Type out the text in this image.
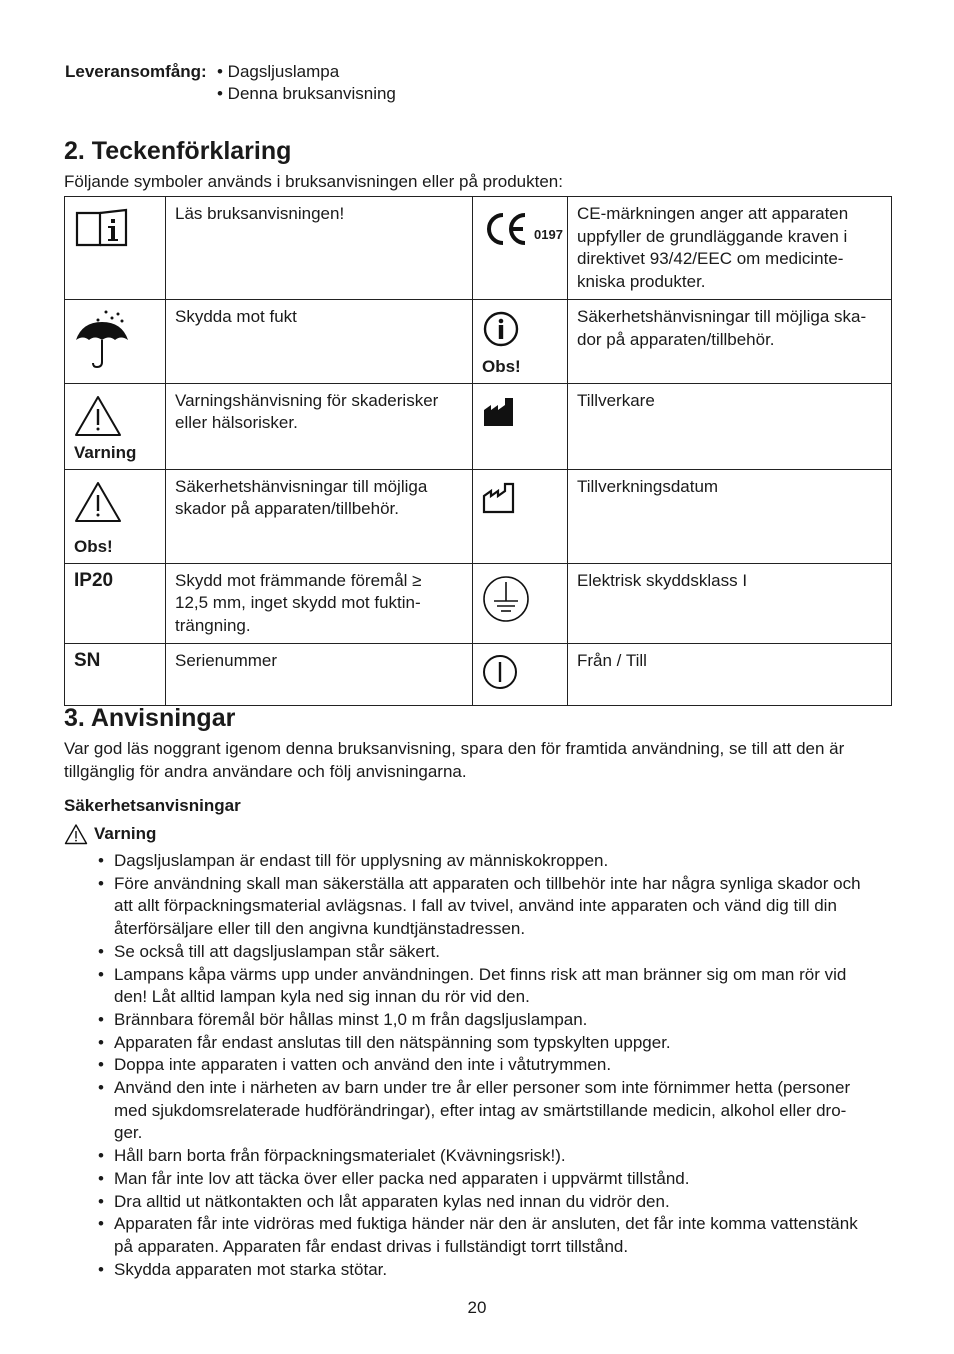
Leveransomfång: • Dagsljuslampa
• Denna bruksanvisning
2. Teckenförklaring
Följande symboler används i bruksanvisningen eller på produkten:
	Läs bruksanvisningen!	0197	CE-märkningen anger att apparaten
uppfyller de grundläggande kraven i
direktivet 93/42/EEC om medicinte-
kniska produkter.

	Skydda mot fukt	Obs!	Säkerhetshänvisningar till möjliga ska-
dor på apparaten/tillbehör.

Varning	Varningshänvisning för skaderisker
eller hälsorisker.		Tillverkare

Obs!	Säkerhetshänvisningar till möjliga
skador på apparaten/tillbehör.		Tillverkningsdatum
IP20	Skydd mot främmande föremål ≥
12,5 mm, inget skydd mot fuktin-
trängning.		Elektrisk skyddsklass I
SN	Serienummer		Från / Till
3. Anvisningar
Var god läs noggrant igenom denna bruksanvisning, spara den för framtida användning, se till att den är
tillgänglig för andra användare och följ anvisningarna.
Säkerhetsanvisningar
Varning
• Dagsljuslampan är endast till för upplysning av människokroppen.
• Före användning skall man säkerställa att apparaten och tillbehör inte har några synliga skador och
att allt förpackningsmaterial avlägsnas. I fall av tvivel, använd inte apparaten och vänd dig till din
återförsäljare eller till den angivna kundtjänstadressen.
• Se också till att dagsljuslampan står säkert.
• Lampans kåpa värms upp under användningen. Det finns risk att man bränner sig om man rör vid
den! Låt alltid lampan kyla ned sig innan du rör vid den.
• Brännbara föremål bör hållas minst 1,0 m från dagsljuslampan.
• Apparaten får endast anslutas till den nätspänning som typskylten uppger.
• Doppa inte apparaten i vatten och använd den inte i våtutrymmen.
• Använd den inte i närheten av barn under tre år eller personer som inte förnimmer hetta (personer
med sjukdomsrelaterade hudförändringar), efter intag av smärtstillande medicin, alkohol eller dro-
ger.
• Håll barn borta från förpackningsmaterialet (Kvävningsrisk!).
• Man får inte lov att täcka över eller packa ned apparaten i uppvärmt tillstånd.
• Dra alltid ut nätkontakten och låt apparaten kylas ned innan du vidrör den.
• Apparaten får inte vidröras med fuktiga händer när den är ansluten, det får inte komma vattenstänk
på apparaten. Apparaten får endast drivas i fullständigt torrt tillstånd.
• Skydda apparaten mot starka stötar.
20
